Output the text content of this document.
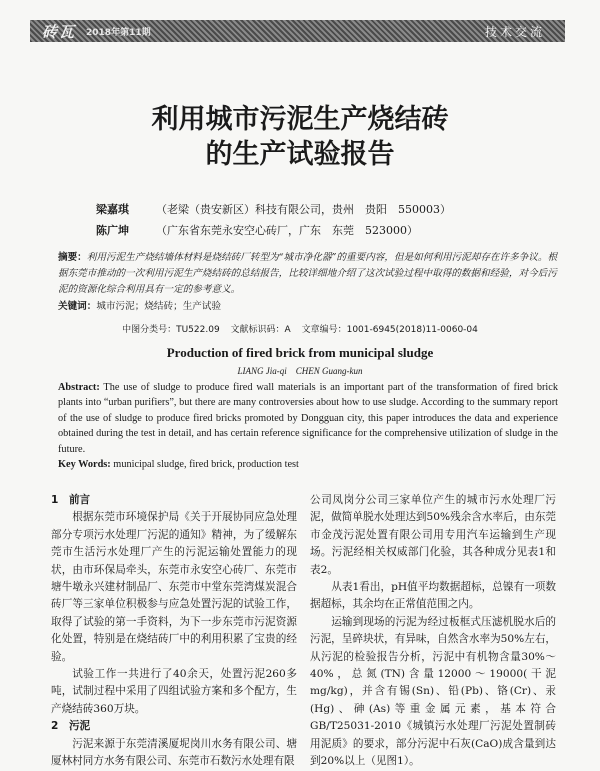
砖瓦 2018年第11期	技术交流
利用城市污泥生产烧结砖
的生产试验报告
梁嘉琪	（老梁（贵安新区）科技有限公司，贵州　贵阳　550003）
陈广坤	（广东省东莞永安空心砖厂，广东　东莞　523000）
摘要：利用污泥生产烧结墙体材料是烧结砖厂转型为“城市净化器”的重要内容，但是如何利用污泥却存在许多争议。根据东莞市推动的一次利用污泥生产烧结砖的总结报告，比较详细地介绍了这次试验过程中取得的数据和经验，对今后污泥的资源化综合利用具有一定的参考意义。
关键词：城市污泥；烧结砖；生产试验
中图分类号：TU522.09 文献标识码：A 文章编号：1001-6945(2018)11-0060-04
Production of fired brick from municipal sludge
LIANG Jia-qi　CHEN Guang-kun
Abstract: The use of sludge to produce fired wall materials is an important part of the transformation of fired brick plants into “urban purifiers”, but there are many controversies about how to use sludge. According to the summary report of the use of sludge to produce fired bricks promoted by Dongguan city, this paper introduces the data and experience obtained during the test in detail, and has certain reference significance for the comprehensive utilization of sludge in the future.
Key Words: municipal sludge, fired brick, production test
1　前言

根据东莞市环境保护局《关于开展协同应急处理部分专项污水处理厂污泥的通知》精神，为了缓解东莞市生活污水处理厂产生的污泥运输处置能力的现状，由市环保局牵头，东莞市永安空心砖厂、东莞市塘牛墩永兴建材制品厂、东莞市中堂东莞湾煤炭混合砖厂等三家单位积极参与应急处置污泥的试验工作，取得了试验的第一手资料，为下一步东莞市污泥资源化处置，特别是在烧结砖厂中的利用积累了宝贵的经验。

试验工作一共进行了40余天，处置污泥260多吨，试制过程中采用了四组试验方案和多个配方，生产烧结砖360万块。

2　污泥

污泥来源于东莞清溪厦坭岗川水务有限公司、塘厦林村同方水务有限公司、东莞市石数污水处理有限

公司凤岗分公司三家单位产生的城市污水处理厂污泥，做简单脱水处理达到50%残余含水率后，由东莞市金茂污泥处置有限公司用专用汽车运输到生产现场。污泥经相关权威部门化验，其各种成分见表1和表2。

从表1看出，pH值平均数据超标，总镍有一项数据超标，其余均在正常值范围之内。

运输到现场的污泥为经过板框式压滤机脱水后的污泥，呈碎块状，有异味，自然含水率为50%左右，从污泥的检验报告分析，污泥中有机物含量30%～40%，总氮(TN)含量12000～19000(干泥mg/kg)，并含有锡(Sn)、铅(Pb)、铬(Cr)、汞(Hg)、砷(As)等重金属元素，基本符合GB/T25031-2010《城镇污水处理厂污泥处置制砖用泥质》的要求，部分污泥中石灰(CaO)成含量到达到20%以上（见图1）。
